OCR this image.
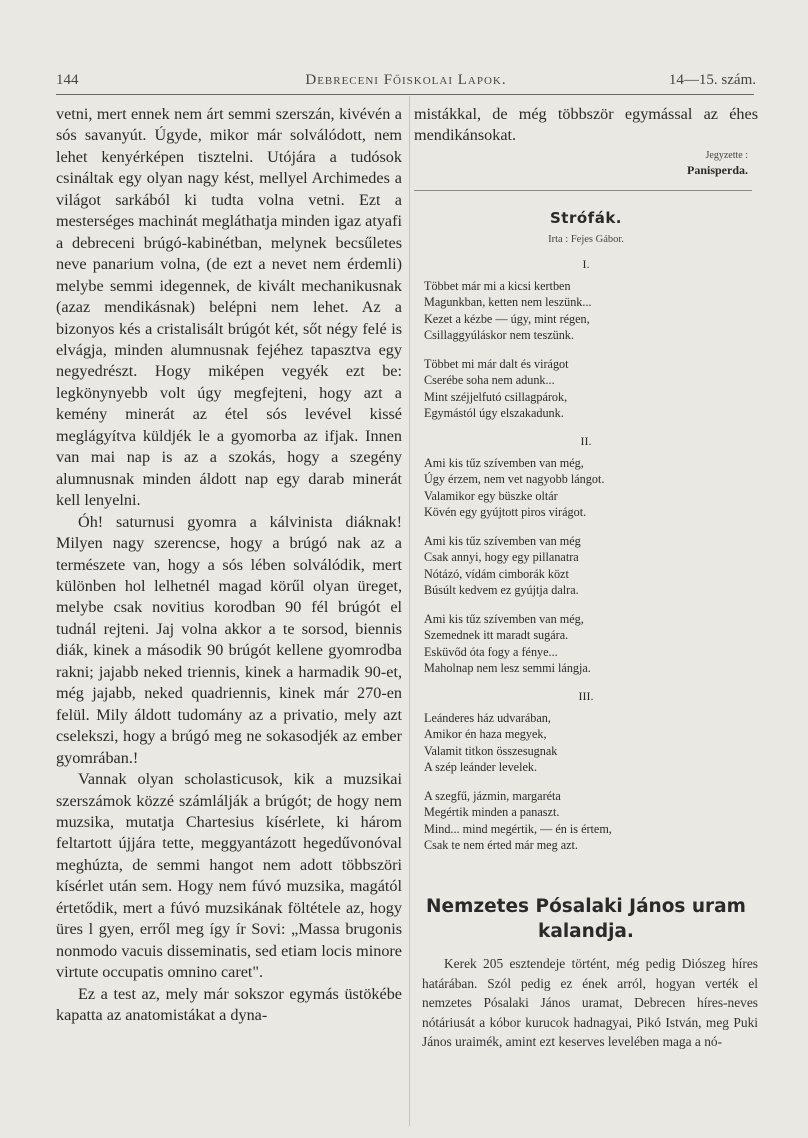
144	Debreceni Főiskolai Lapok.	14—15. szám.

vetni, mert ennek nem árt semmi szerszán, kivévén a sós savanyút. Úgyde, mikor már solválódott, nem lehet kenyérképen tisztelni. Utójára a tudósok csináltak egy olyan nagy kést, mellyel Archimedes a világot sarkából ki tudta volna vetni. Ezt a mesterséges machinát megláthatja minden igaz atyafi a debreceni brúgó-kabinétban, melynek becsűletes neve panarium volna, (de ezt a nevet nem érdemli) melybe semmi idegennek, de kivált mechanikusnak (azaz mendikásnak) belépni nem lehet. Az a bizonyos kés a cristalisált brúgót két, sőt négy felé is elvágja, minden alumnusnak fejéhez tapasztva egy negyedrészt. Hogy miképen vegyék ezt be: legkönynyebb volt úgy megfejteni, hogy azt a kemény minerát az étel sós levével kissé meglágyítva küldjék le a gyomorba az ifjak. Innen van mai nap is az a szokás, hogy a szegény alumnusnak minden áldott nap egy darab minerát kell lenyelni.

Óh! saturnusi gyomra a kálvinista diáknak! Milyen nagy szerencse, hogy a brúgó nak az a természete van, hogy a sós lében solválódik, mert különben hol lelhetnél magad körűl olyan üreget, melybe csak novitius korodban 90 fél brúgót el tudnál rejteni. Jaj volna akkor a te sorsod, biennis diák, kinek a második 90 brúgót kellene gyomrodba rakni; jajabb neked triennis, kinek a harmadik 90-et, még jajabb, neked quadriennis, kinek már 270-en felül. Mily áldott tudomány az a privatio, mely azt cselekszi, hogy a brúgó meg ne sokasodjék az ember gyomrában.!

Vannak olyan scholasticusok, kik a muzsikai szerszámok közzé számlálják a brúgót; de hogy nem muzsika, mutatja Chartesius kísérlete, ki három feltartott újjára tette, meggyantázott hegedűvonóval meghúzta, de semmi hangot nem adott többszöri kísérlet után sem. Hogy nem fúvó muzsika, magától értetődik, mert a fúvó muzsikának föltétele az, hogy üres l gyen, erről meg így ír Sovi: „Massa brugonis nonmodo vacuis disseminatis, sed etiam locis minore virtute occupatis omnino caret".

Ez a test az, mely már sokszor egymás üstökébe kapatta az anatomistákat a dyna-

mistákkal, de még többször egymással az éhes mendikánsokat.

Jegyzette :
Panisperda.
Strófák.
Irta : Fejes Gábor.
I.
Többet már mi a kicsi kertben
Magunkban, ketten nem leszünk...
Kezet a kézbe — úgy, mint régen,
Csillaggyúláskor nem teszünk.
Többet mi már dalt és virágot
Cserébe soha nem adunk...
Mint széjjelfutó csillagpárok,
Egymástól úgy elszakadunk.
II.
Ami kis tűz szívemben van még,
Úgy érzem, nem vet nagyobb lángot.
Valamikor egy büszke oltár
Kövén egy gyújtott piros virágot.
Ami kis tűz szívemben van még
Csak annyi, hogy egy pillanatra
Nótázó, vídám cimborák közt
Búsúlt kedvem ez gyújtja dalra.
Ami kis tűz szívemben van még,
Szemednek itt maradt sugára.
Esküvőd óta fogy a fénye...
Maholnap nem lesz semmi lángja.
III.
Leánderes ház udvarában,
Amikor én haza megyek,
Valamit titkon összesugnak
A szép leánder levelek.
A szegfű, jázmin, margaréta
Megértik minden a panaszt.
Mind... mind megértik, — én is értem,
Csak te nem érted már meg azt.
Nemzetes Pósalaki János uram kalandja.

Kerek 205 esztendeje történt, még pedig Diószeg híres határában. Szól pedig ez ének arról, hogyan verték el nemzetes Pósalaki János uramat, Debrecen híres-neves nótáriusát a kóbor kurucok hadnagyai, Pikó István, meg Puki János uraimék, amint ezt keserves levelében maga a nó-
